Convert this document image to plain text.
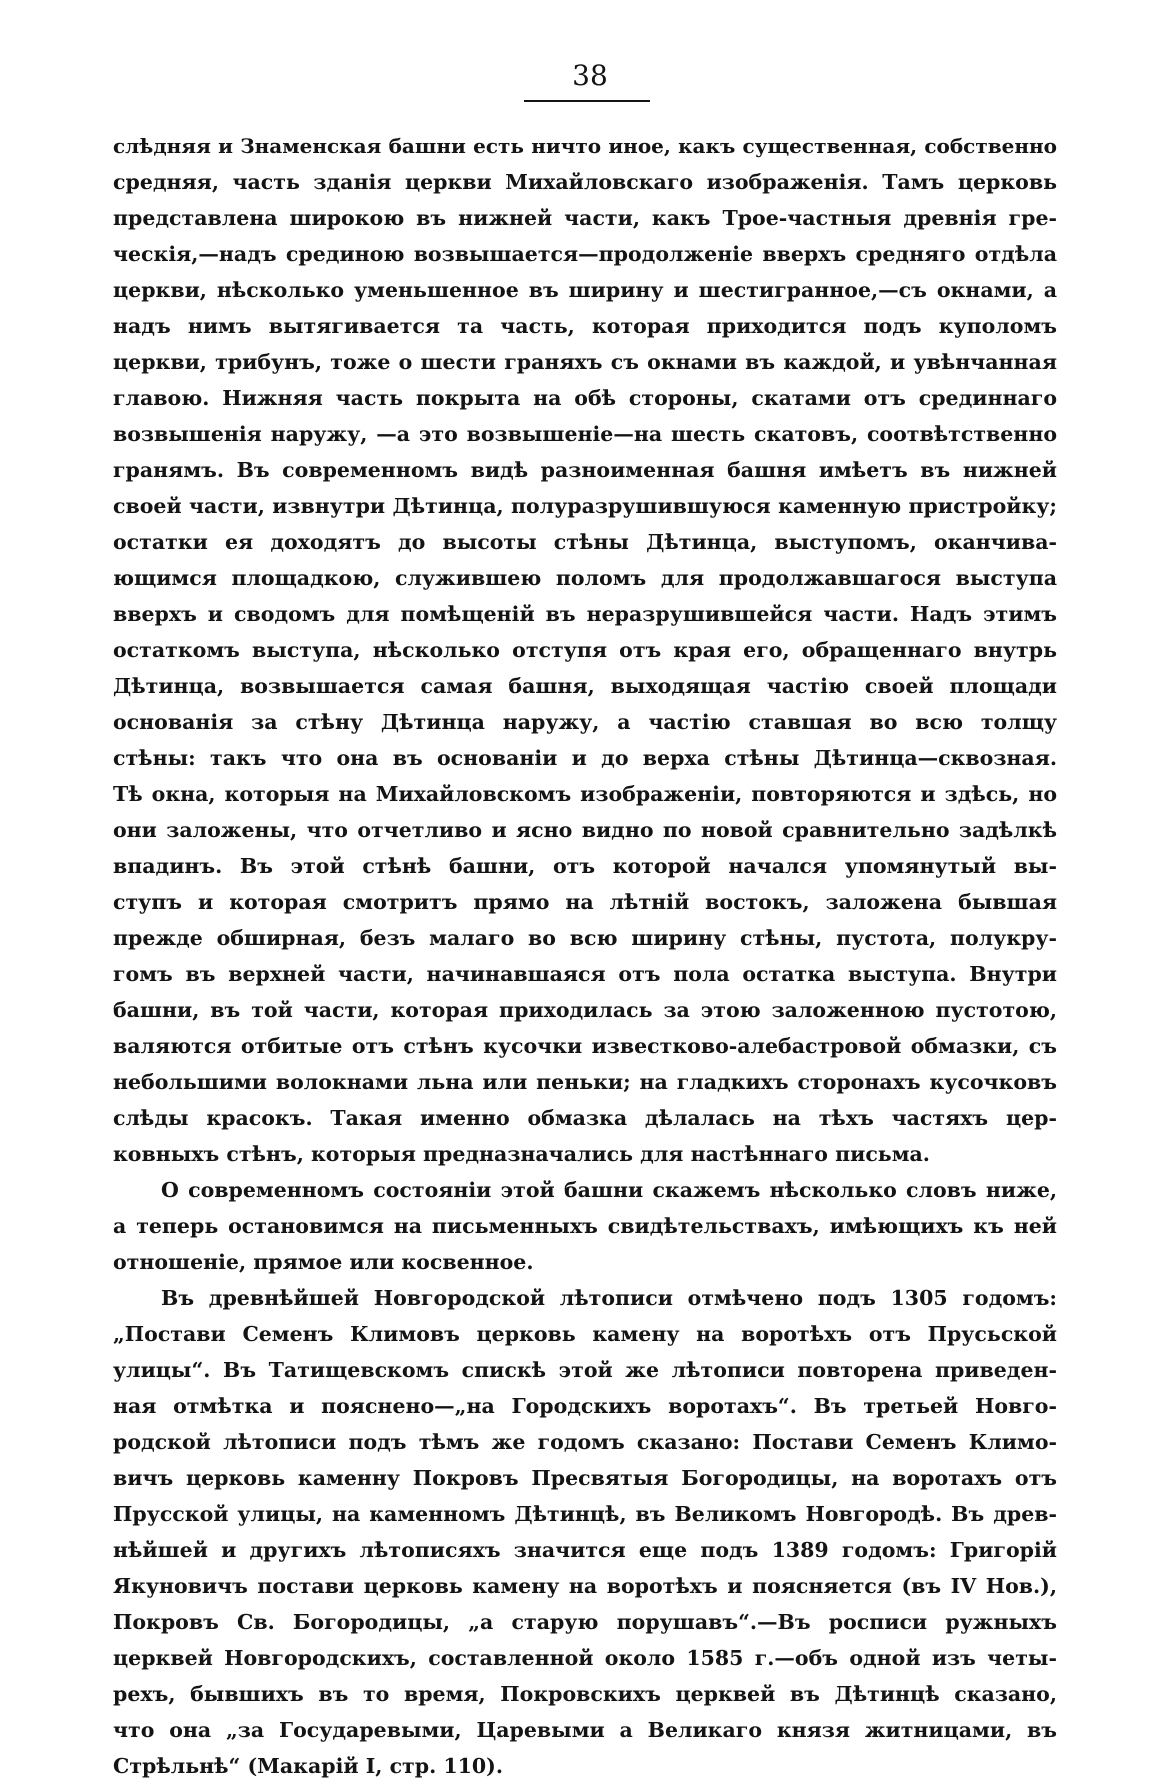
38
слѣдняя и Знаменская башни есть ничто иное, какъ существенная, собственно
средняя, часть зданія церкви Михайловскаго изображенія. Тамъ церковь
представлена широкою въ нижней части, какъ Трое-частныя древнія гре-
ческія,—надъ срединою возвышается—продолженіе вверхъ средняго отдѣла
церкви, нѣсколько уменьшенное въ ширину и шестигранное,—съ окнами, а
надъ нимъ вытягивается та часть, которая приходится подъ куполомъ
церкви, трибунъ, тоже о шести граняхъ съ окнами въ каждой, и увѣнчанная
главою. Нижняя часть покрыта на обѣ стороны, скатами отъ срединнаго
возвышенія наружу, —а это возвышеніе—на шесть скатовъ, соотвѣтственно
гранямъ. Въ современномъ видѣ разноименная башня имѣетъ въ нижней
своей части, извнутри Дѣтинца, полуразрушившуюся каменную пристройку;
остатки ея доходятъ до высоты стѣны Дѣтинца, выступомъ, оканчива-
ющимся площадкою, служившею поломъ для продолжавшагося выступа
вверхъ и сводомъ для помѣщеній въ неразрушившейся части. Надъ этимъ
остаткомъ выступа, нѣсколько отступя отъ края его, обращеннаго внутрь
Дѣтинца, возвышается самая башня, выходящая частію своей площади
основанія за стѣну Дѣтинца наружу, а частію ставшая во всю толщу
стѣны: такъ что она въ основаніи и до верха стѣны Дѣтинца—сквозная.
Тѣ окна, которыя на Михайловскомъ изображеніи, повторяются и здѣсь, но
они заложены, что отчетливо и ясно видно по новой сравнительно задѣлкѣ
впадинъ. Въ этой стѣнѣ башни, отъ которой начался упомянутый вы-
ступъ и которая смотритъ прямо на лѣтній востокъ, заложена бывшая
прежде обширная, безъ малаго во всю ширину стѣны, пустота, полукру-
гомъ въ верхней части, начинавшаяся отъ пола остатка выступа. Внутри
башни, въ той части, которая приходилась за этою заложенною пустотою,
валяются отбитые отъ стѣнъ кусочки известково-алебастровой обмазки, съ
небольшими волокнами льна или пеньки; на гладкихъ сторонахъ кусочковъ
слѣды красокъ. Такая именно обмазка дѣлалась на тѣхъ частяхъ цер-
ковныхъ стѣнъ, которыя предназначались для настѣннаго письма.
О современномъ состояніи этой башни скажемъ нѣсколько словъ ниже,
а теперь остановимся на письменныхъ свидѣтельствахъ, имѣющихъ къ ней
отношеніе, прямое или косвенное.
Въ древнѣйшей Новгородской лѣтописи отмѣчено подъ 1305 годомъ:
„Постави Семенъ Климовъ церковь камену на воротѣхъ отъ Прусьской
улицы“. Въ Татищевскомъ спискѣ этой же лѣтописи повторена приведен-
ная отмѣтка и пояснено—„на Городскихъ воротахъ“. Въ третьей Новго-
родской лѣтописи подъ тѣмъ же годомъ сказано: Постави Семенъ Климо-
вичъ церковь каменну Покровъ Пресвятыя Богородицы, на воротахъ отъ
Прусской улицы, на каменномъ Дѣтинцѣ, въ Великомъ Новгородѣ. Въ древ-
нѣйшей и другихъ лѣтописяхъ значится еще подъ 1389 годомъ: Григорій
Якуновичъ постави церковь камену на воротѣхъ и поясняется (въ IV Нов.),
Покровъ Св. Богородицы, „а старую порушавъ“.—Въ росписи ружныхъ
церквей Новгородскихъ, составленной около 1585 г.—объ одной изъ четы-
рехъ, бывшихъ въ то время, Покровскихъ церквей въ Дѣтинцѣ сказано,
что она „за Государевыми, Царевыми а Великаго князя житницами, въ
Стрѣльнѣ“ (Макарій I, стр. 110).
